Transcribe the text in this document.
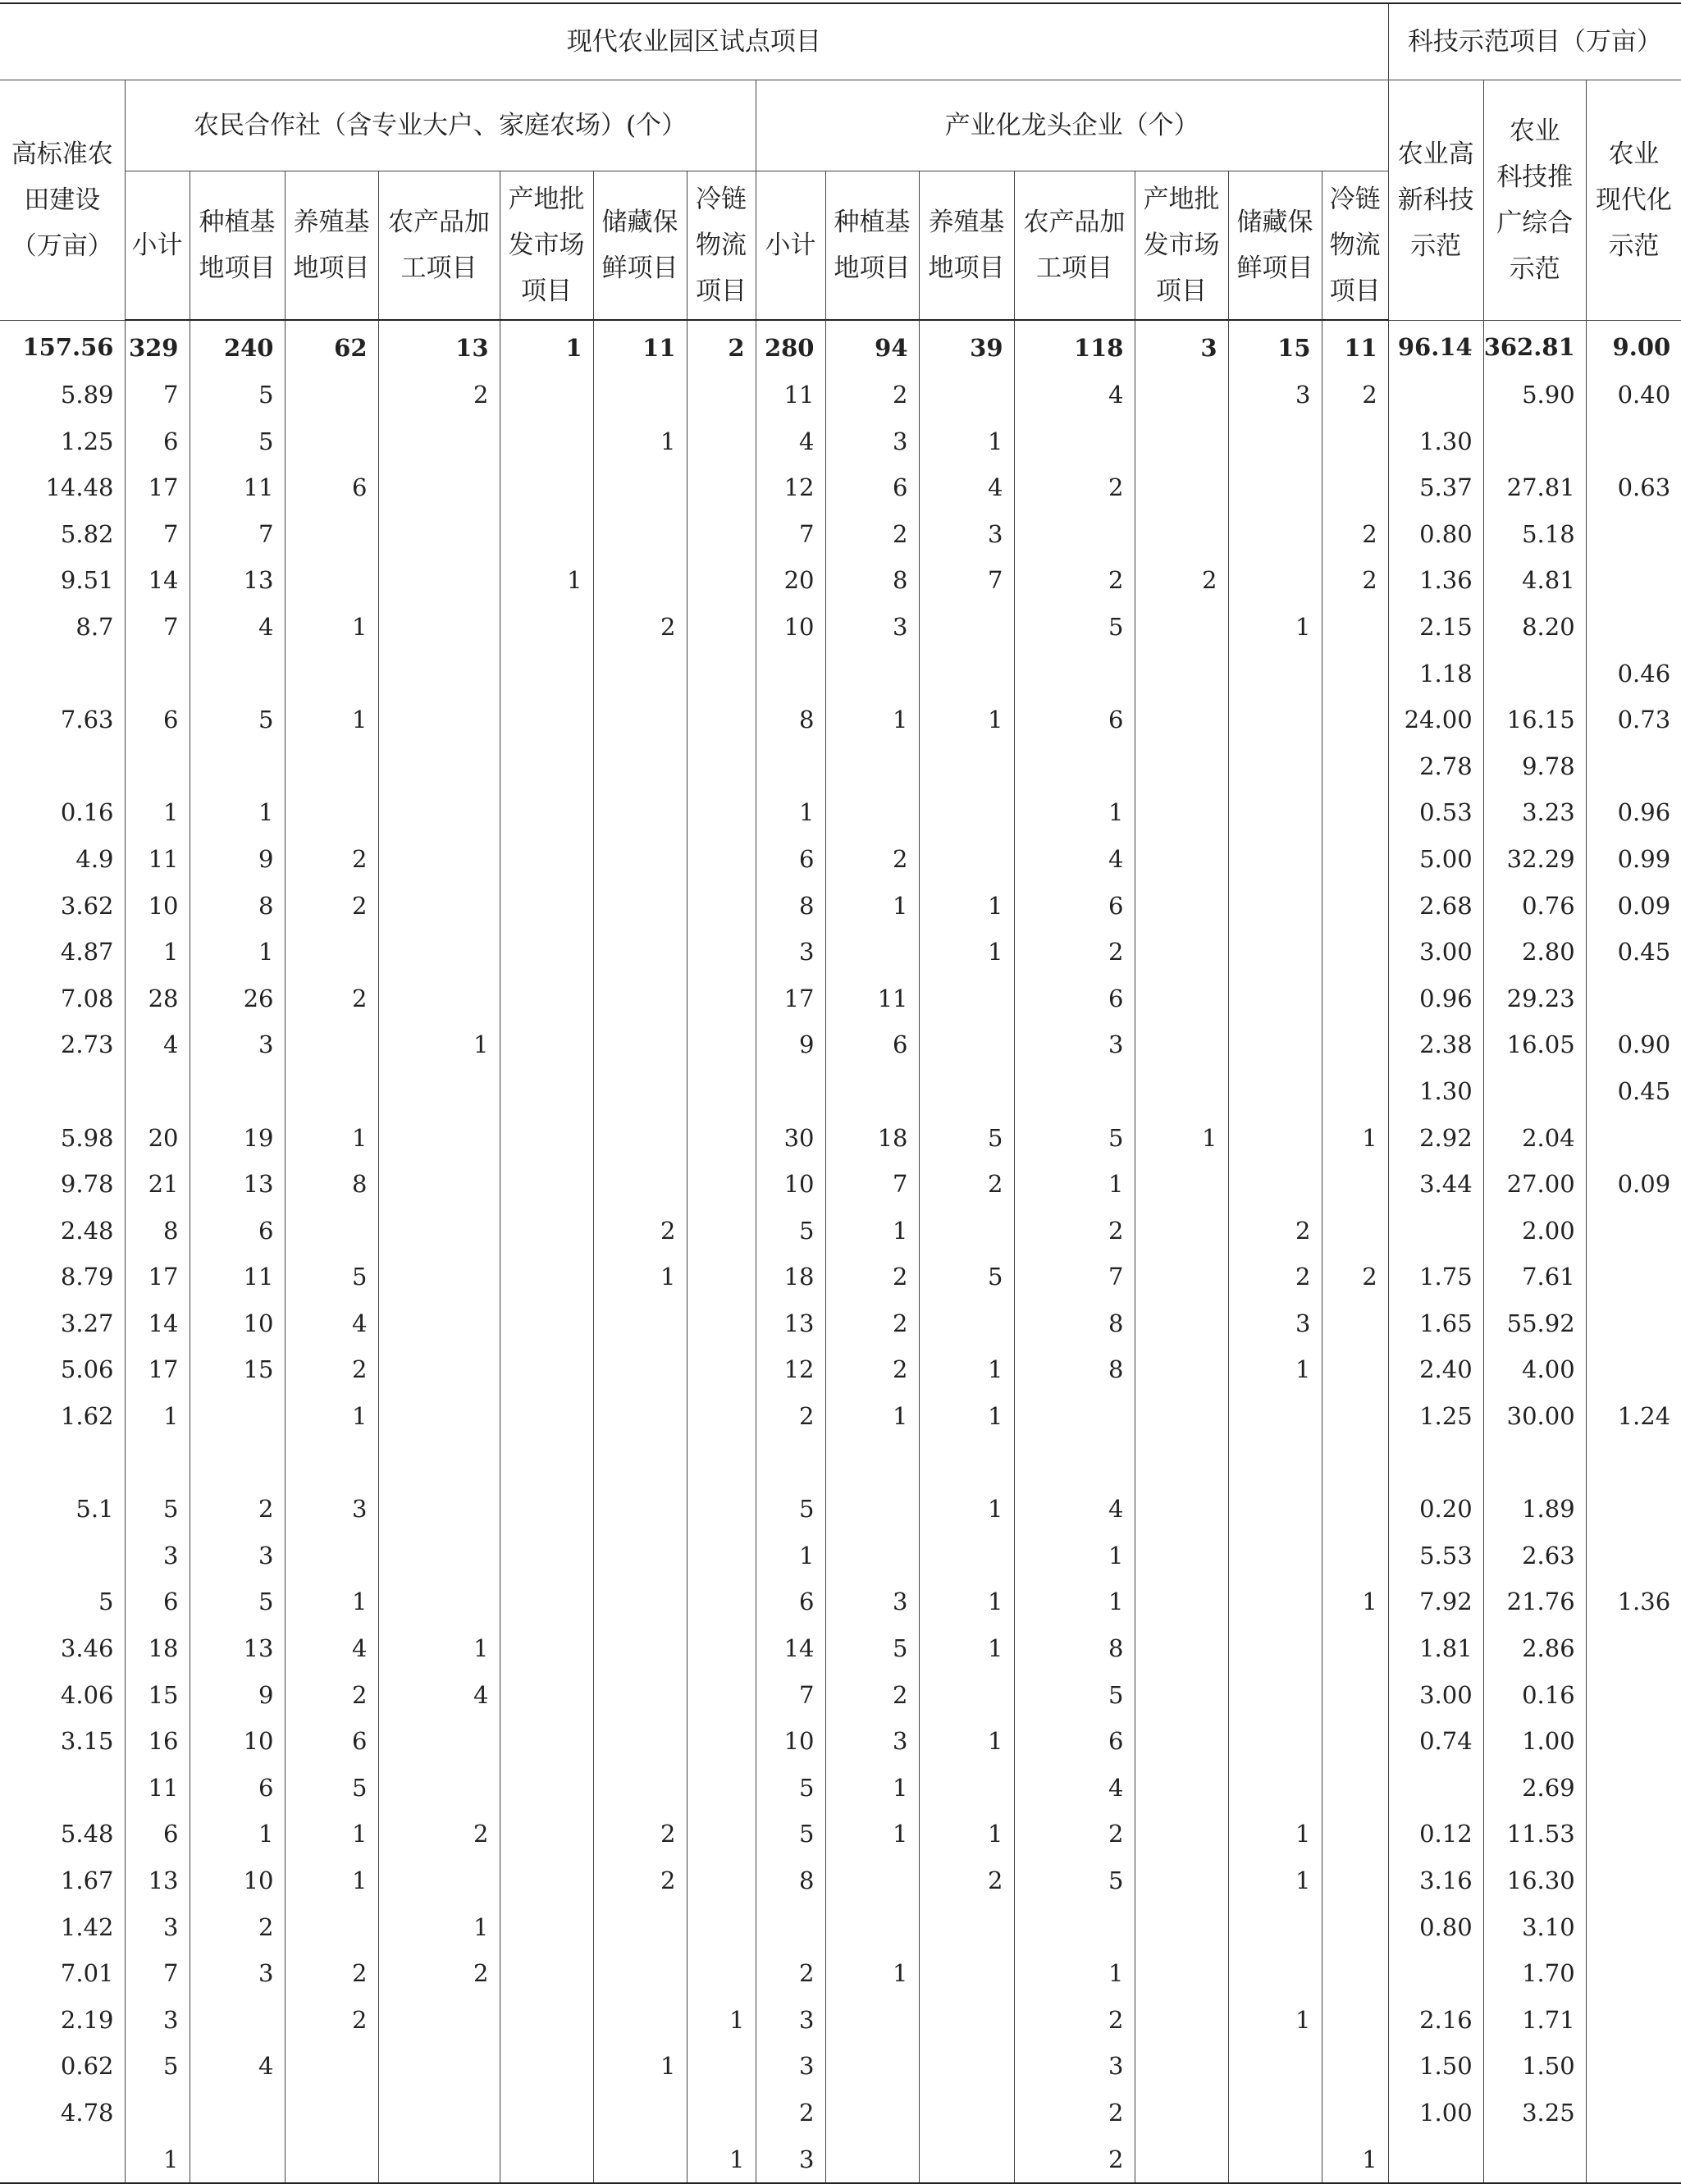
现代农业园区试点项目															科技示范项目（万亩）		
高标准农
田建设
（万亩）	农民合作社（含专业大户、家庭农场）(个）							产业化龙头企业（个）							农业高
新科技
示范	农业
科技推
广综合
示范	农业
现代化
示范
	小计	种植基
地项目	养殖基
地项目	农产品加
工项目	产地批
发市场
项目	储藏保
鲜项目	冷链
物流
项目	小计	种植基
地项目	养殖基
地项目	农产品加
工项目	产地批
发市场
项目	储藏保
鲜项目	冷链
物流
项目			
157.56	329	240	62	13	1	11	2	280	94	39	118	3	15	11	96.14	362.81	9.00
5.89	7	5		2				11	2		4		3	2		5.90	0.40
1.25	6	5				1		4	3	1					1.30		
14.48	17	11	6					12	6	4	2				5.37	27.81	0.63
5.82	7	7						7	2	3				2	0.80	5.18	
9.51	14	13			1			20	8	7	2	2		2	1.36	4.81	
8.7	7	4	1			2		10	3		5		1		2.15	8.20	
															1.18		0.46
7.63	6	5	1					8	1	1	6				24.00	16.15	0.73
															2.78	9.78	
0.16	1	1						1			1				0.53	3.23	0.96
4.9	11	9	2					6	2		4				5.00	32.29	0.99
3.62	10	8	2					8	1	1	6				2.68	0.76	0.09
4.87	1	1						3		1	2				3.00	2.80	0.45
7.08	28	26	2					17	11		6				0.96	29.23	
2.73	4	3		1				9	6		3				2.38	16.05	0.90
															1.30		0.45
5.98	20	19	1					30	18	5	5	1		1	2.92	2.04	
9.78	21	13	8					10	7	2	1				3.44	27.00	0.09
2.48	8	6				2		5	1		2		2			2.00	
8.79	17	11	5			1		18	2	5	7		2	2	1.75	7.61	
3.27	14	10	4					13	2		8		3		1.65	55.92	
5.06	17	15	2					12	2	1	8		1		2.40	4.00	
1.62	1		1					2	1	1					1.25	30.00	1.24

5.1	5	2	3					5		1	4				0.20	1.89	
	3	3						1			1				5.53	2.63	
5	6	5	1					6	3	1	1			1	7.92	21.76	1.36
3.46	18	13	4	1				14	5	1	8				1.81	2.86	
4.06	15	9	2	4				7	2		5				3.00	0.16	
3.15	16	10	6					10	3	1	6				0.74	1.00	
	11	6	5					5	1		4					2.69	
5.48	6	1	1	2		2		5	1	1	2		1		0.12	11.53	
1.67	13	10	1			2		8		2	5		1		3.16	16.30	
1.42	3	2		1											0.80	3.10	
7.01	7	3	2	2				2	1		1					1.70	
2.19	3		2				1	3			2		1		2.16	1.71	
0.62	5	4				1		3			3				1.50	1.50	
4.78								2			2				1.00	3.25	
	1						1	3			2			1			
